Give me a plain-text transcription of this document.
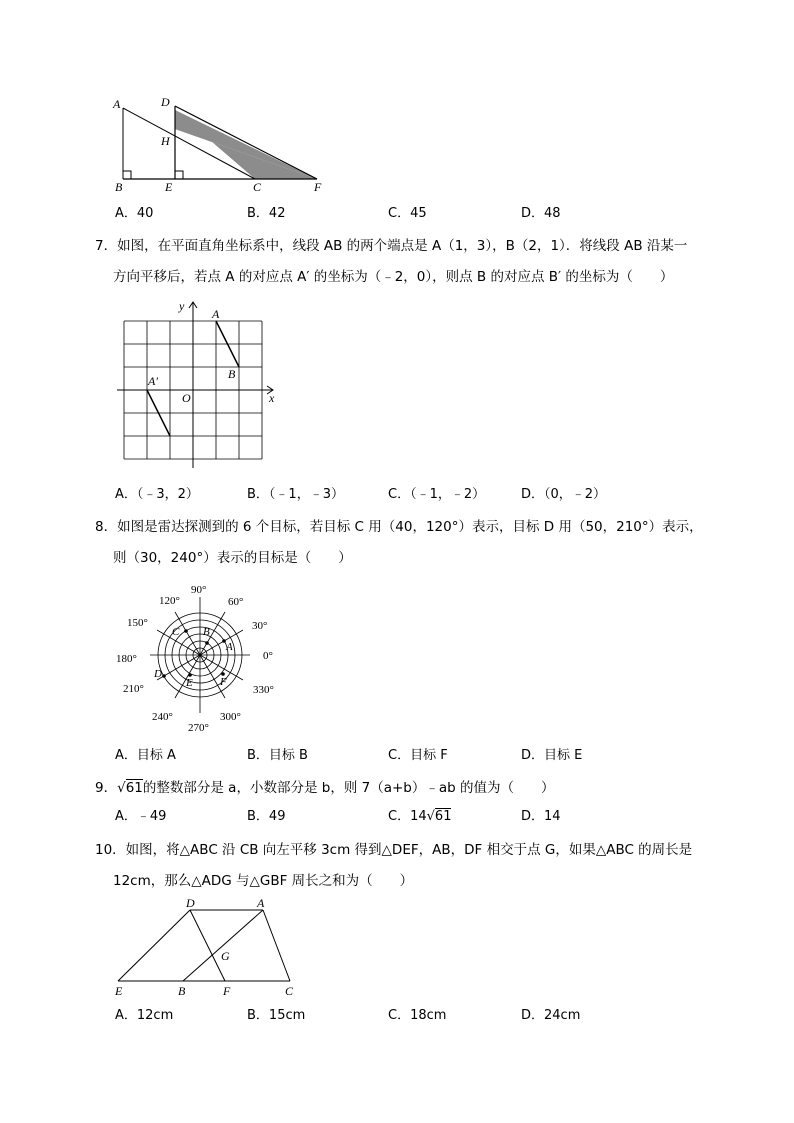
A	D
H
B	E	C	F
A．40	B．42	C．45	D．48
7．如图，在平面直角坐标系中，线段 AB 的两个端点是 A（1，3），B（2，1）．将线段 AB 沿某一
方向平移后，若点 A 的对应点 A′ 的坐标为（﹣2，0），则点 B 的对应点 B′ 的坐标为（　　）
y
x
O
A
B
A′
A．（﹣3，2）	B．（﹣1，﹣3）	C．（﹣1，﹣2）	D．（0，﹣2）
8．如图是雷达探测到的 6 个目标，若目标 C 用（40，120°）表示，目标 D 用（50，210°）表示，
则（30，240°）表示的目标是（　　）
C B
A
D
E F
90°
60°
120°
30°
150°
0°
180°
330°
210°
300°
240°
270°
A．目标 A	B．目标 B	C．目标 F	D．目标 E
9．√61的整数部分是 a，小数部分是 b，则 7（a+b）﹣ab 的值为（　　）
A．﹣49	B．49	C．14√61	D．14
10．如图，将△ABC 沿 CB 向左平移 3cm 得到△DEF，AB，DF 相交于点 G，如果△ABC 的周长是
12cm，那么△ADG 与△GBF 周长之和为（　　）
D	A
G
E	B	F	C
A．12cm	B．15cm	C．18cm	D．24cm
